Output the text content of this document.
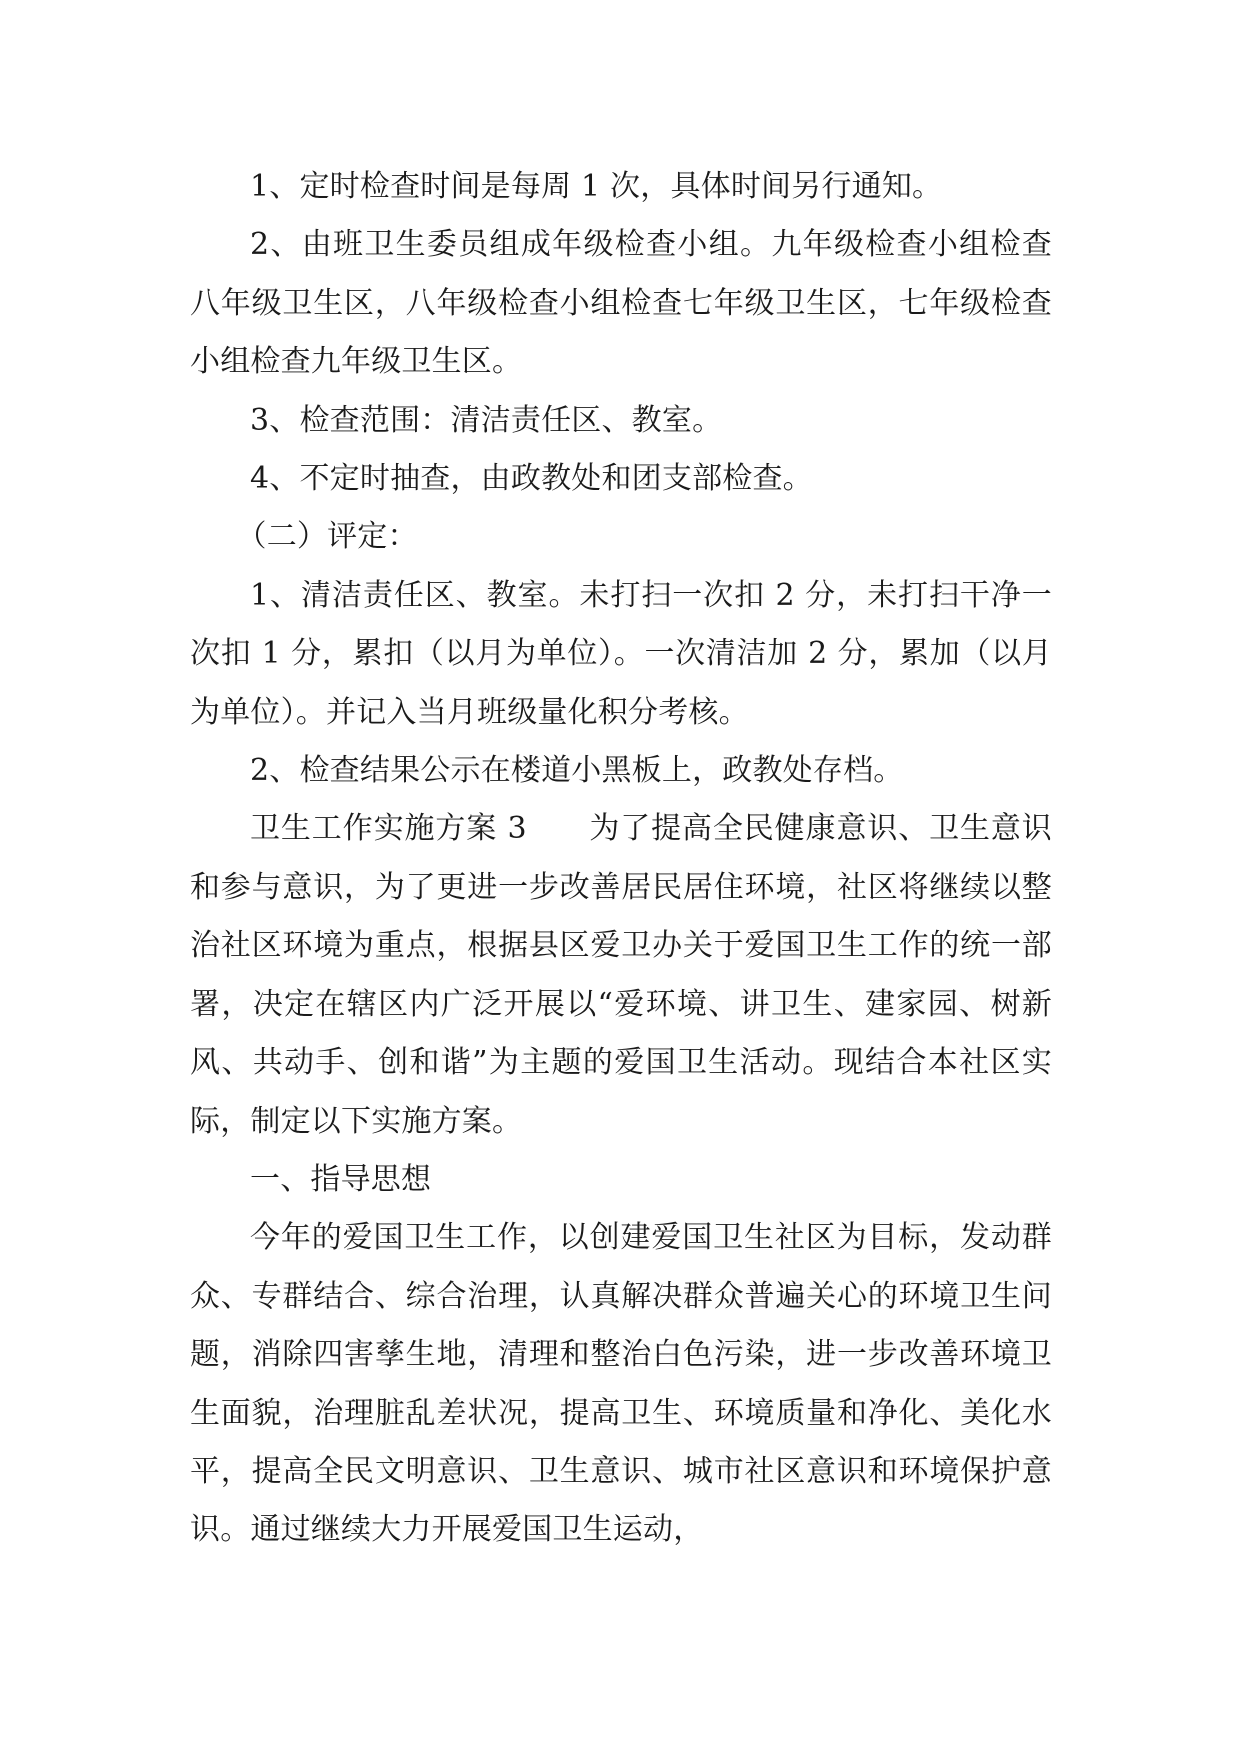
1、定时检查时间是每周 1 次，具体时间另行通知。

2、由班卫生委员组成年级检查小组。九年级检查小组检查八年级卫生区，八年级检查小组检查七年级卫生区，七年级检查小组检查九年级卫生区。

3、检查范围：清洁责任区、教室。

4、不定时抽查，由政教处和团支部检查。

（二）评定：

1、清洁责任区、教室。未打扫一次扣 2 分，未打扫干净一次扣 1 分，累扣（以月为单位）。一次清洁加 2 分，累加（以月为单位）。并记入当月班级量化积分考核。

2、检查结果公示在楼道小黑板上，政教处存档。

卫生工作实施方案 3　　为了提高全民健康意识、卫生意识和参与意识，为了更进一步改善居民居住环境，社区将继续以整治社区环境为重点，根据县区爱卫办关于爱国卫生工作的统一部署，决定在辖区内广泛开展以“爱环境、讲卫生、建家园、树新风、共动手、创和谐”为主题的爱国卫生活动。现结合本社区实际，制定以下实施方案。

一、指导思想

今年的爱国卫生工作，以创建爱国卫生社区为目标，发动群众、专群结合、综合治理，认真解决群众普遍关心的环境卫生问题，消除四害孳生地，清理和整治白色污染，进一步改善环境卫生面貌，治理脏乱差状况，提高卫生、环境质量和净化、美化水平，提高全民文明意识、卫生意识、城市社区意识和环境保护意识。通过继续大力开展爱国卫生运动，
